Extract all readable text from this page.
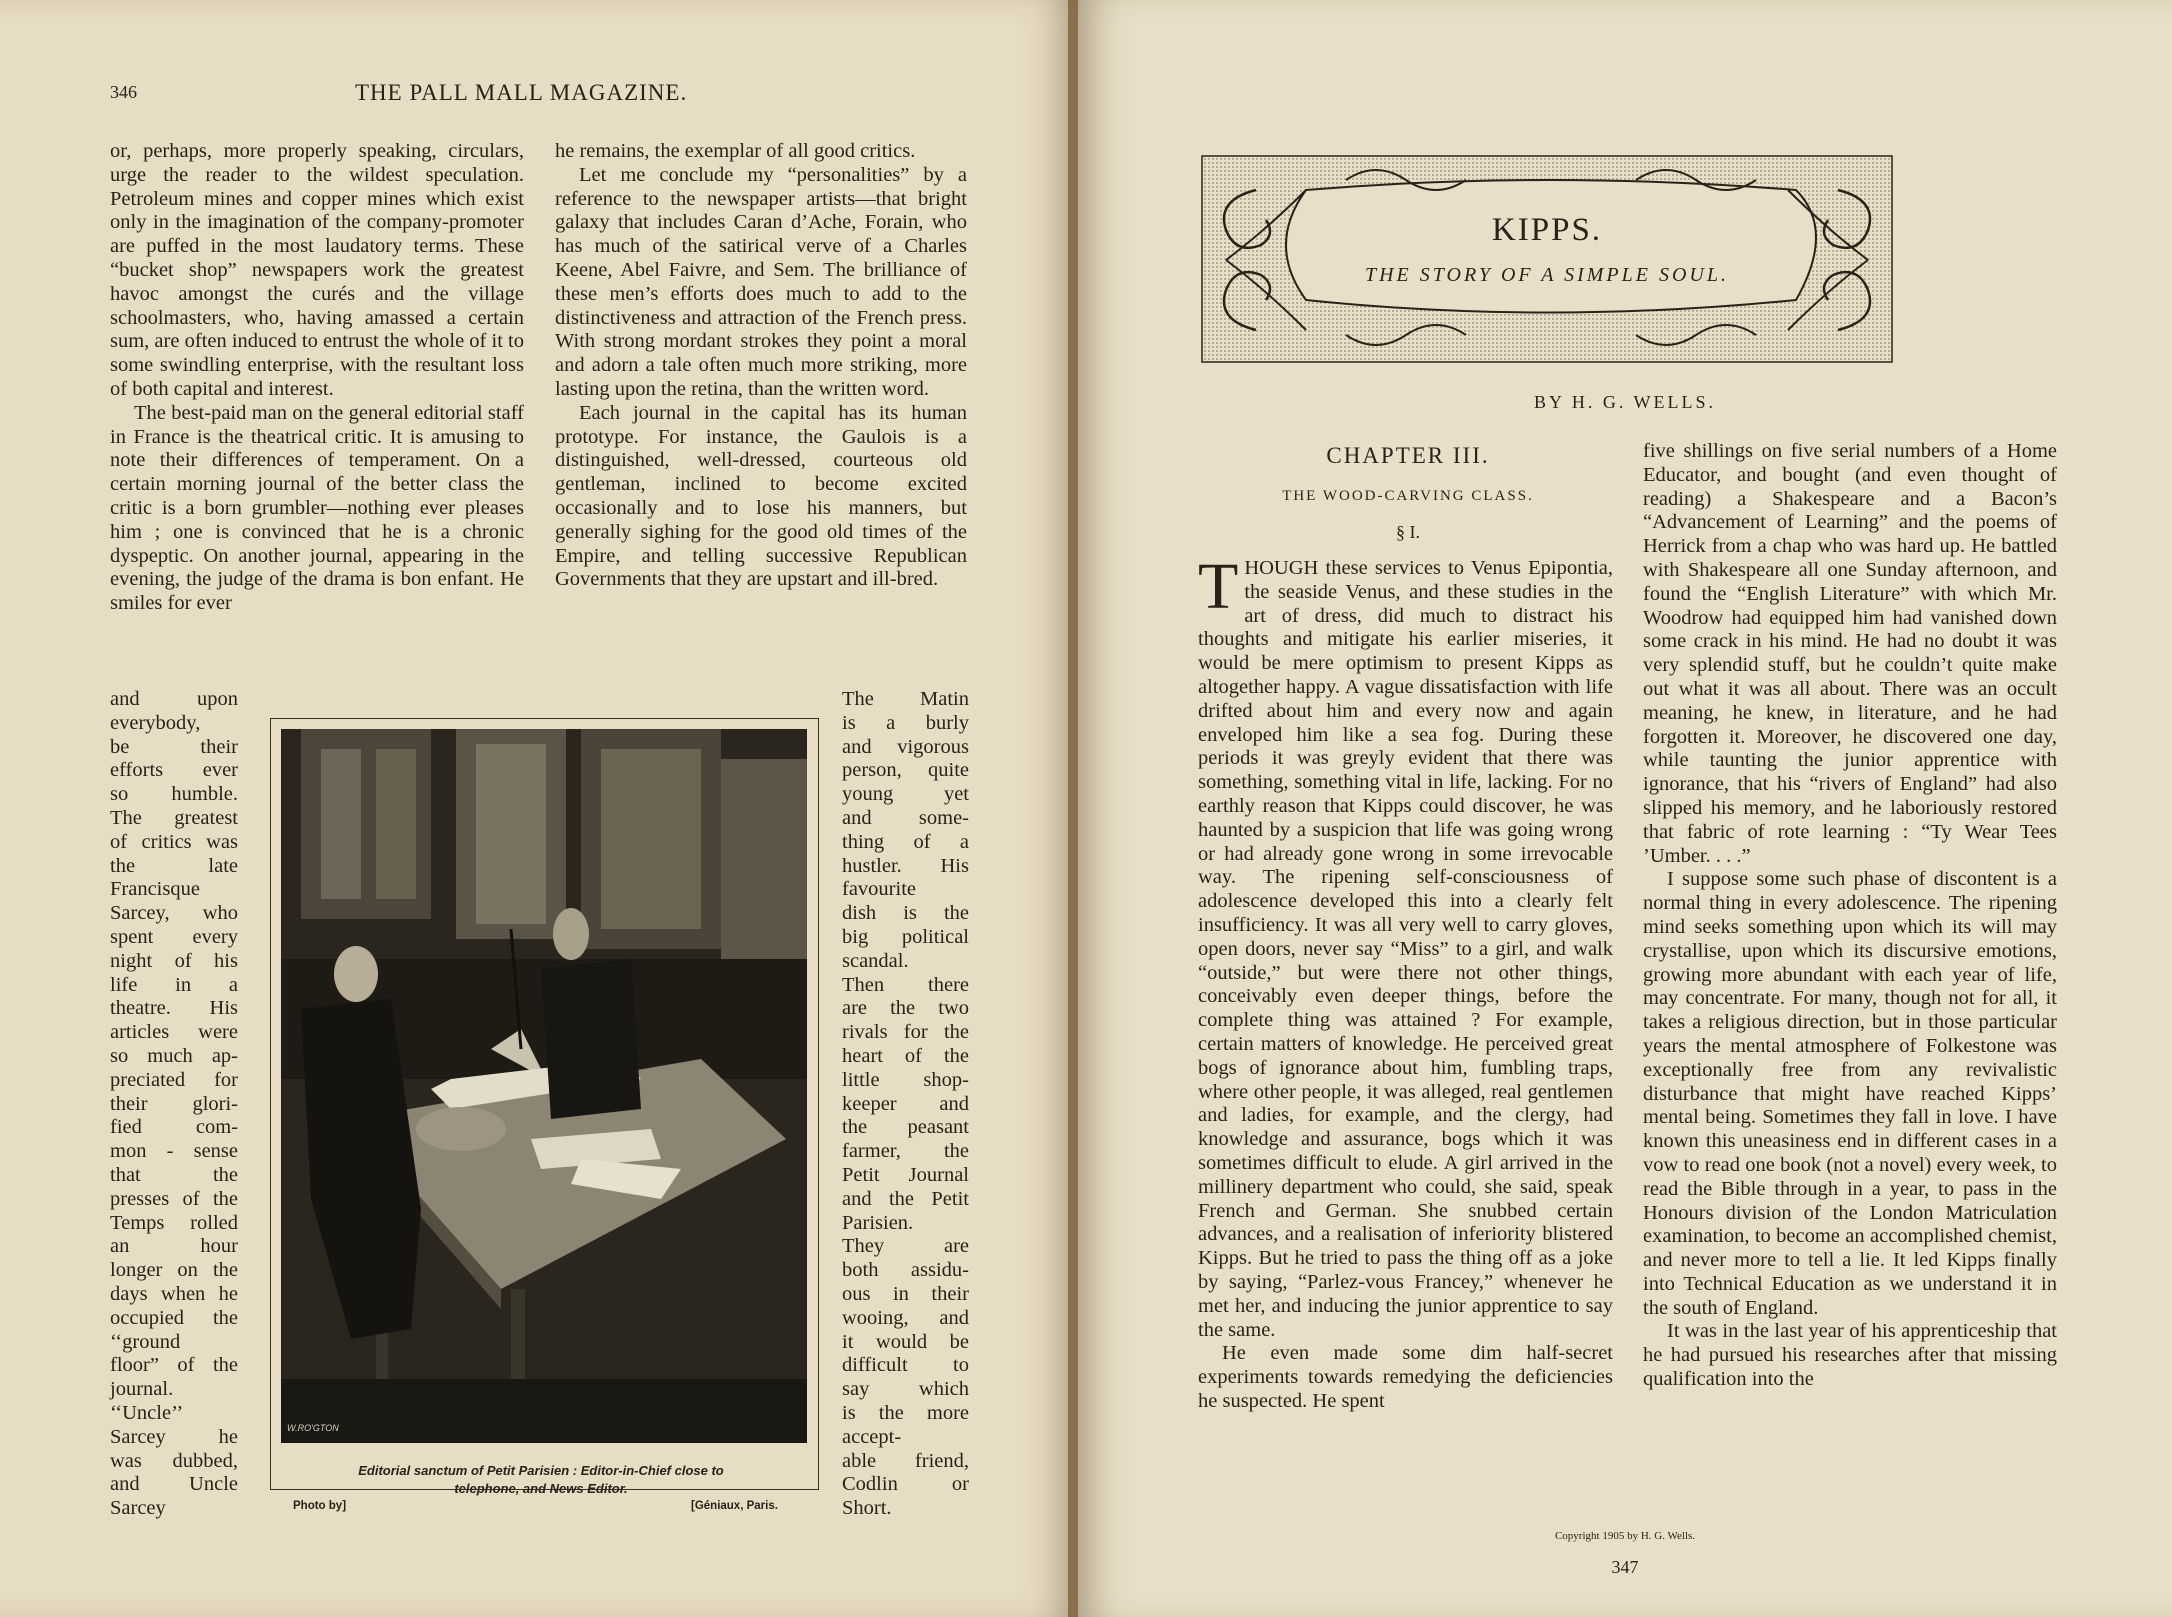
346	THE PALL MALL MAGAZINE.

or, perhaps, more properly speaking, circulars, urge the reader to the wildest speculation. Petroleum mines and copper mines which exist only in the imagination of the company-promoter are puffed in the most laudatory terms. These “bucket shop” newspapers work the greatest havoc amongst the curés and the village schoolmasters, who, having amassed a certain sum, are often induced to entrust the whole of it to some swindling enterprise, with the resultant loss of both capital and interest.

The best-paid man on the general editorial staff in France is the theatrical critic. It is amusing to note their differences of temperament. On a certain morning journal of the better class the critic is a born grumbler—nothing ever pleases him ; one is convinced that he is a chronic dyspeptic. On another journal, appearing in the evening, the judge of the drama is bon enfant. He smiles for ever

he remains, the exemplar of all good critics.

Let me conclude my “personalities” by a reference to the newspaper artists—that bright galaxy that includes Caran d’Ache, Forain, who has much of the satirical verve of a Charles Keene, Abel Faivre, and Sem. The brilliance of these men’s efforts does much to add to the distinctiveness and attraction of the French press. With strong mordant strokes they point a moral and adorn a tale often much more striking, more lasting upon the retina, than the written word.

Each journal in the capital has its human prototype. For instance, the Gaulois is a distinguished, well-dressed, courteous old gentleman, inclined to become excited occasionally and to lose his manners, but generally sighing for the good old times of the Empire, and telling successive Republican Governments that they are upstart and ill-bred.

and upon
everybody,
be their
efforts ever
so humble.
The greatest
of critics was
the late
Francisque
Sarcey, who
spent every
night of his
life in a
theatre. His
articles were
so much ap-
preciated for
their glori-
fied com-
mon - sense
that the
presses of the
Temps rolled
an hour
longer on the
days when he
occupied the
‘‘ground
floor” of the
journal.
‘‘Uncle’’
Sarcey he
was dubbed,
and Uncle
Sarcey
The Matin
is a burly
and vigorous
person, quite
young yet
and some-
thing of a
hustler. His
favourite
dish is the
big political
scandal.
Then there
are the two
rivals for the
heart of the
little shop-
keeper and
the peasant
farmer, the
Petit Journal
and the Petit
Parisien.
They are
both assidu-
ous in their
wooing, and
it would be
difficult to
say which
is the more
accept-
able friend,
Codlin or
Short.
W.RO'GTON
Editorial sanctum of Petit Parisien : Editor-in-Chief close to
telephone, and News Editor.
Photo by]	[Géniaux, Paris.
KIPPS.
THE STORY OF A SIMPLE SOUL.
BY H. G. WELLS.
CHAPTER III.
THE WOOD-CARVING CLASS.
§ I.

THOUGH these services to Venus Epipontia, the seaside Venus, and these studies in the art of dress, did much to distract his thoughts and mitigate his earlier miseries, it would be mere optimism to present Kipps as altogether happy. A vague dissatisfaction with life drifted about him and every now and again enveloped him like a sea fog. During these periods it was greyly evident that there was something, something vital in life, lacking. For no earthly reason that Kipps could discover, he was haunted by a suspicion that life was going wrong or had already gone wrong in some irrevocable way. The ripening self-consciousness of adolescence developed this into a clearly felt insufficiency. It was all very well to carry gloves, open doors, never say “Miss” to a girl, and walk “outside,” but were there not other things, conceivably even deeper things, before the complete thing was attained ? For example, certain matters of knowledge. He perceived great bogs of ignorance about him, fumbling traps, where other people, it was alleged, real gentlemen and ladies, for example, and the clergy, had knowledge and assurance, bogs which it was sometimes difficult to elude. A girl arrived in the millinery department who could, she said, speak French and German. She snubbed certain advances, and a realisation of inferiority blistered Kipps. But he tried to pass the thing off as a joke by saying, “Parlez-vous Francey,” whenever he met her, and inducing the junior apprentice to say the same.

He even made some dim half-secret experiments towards remedying the deficiencies he suspected. He spent

five shillings on five serial numbers of a Home Educator, and bought (and even thought of reading) a Shakespeare and a Bacon’s “Advancement of Learning” and the poems of Herrick from a chap who was hard up. He battled with Shakespeare all one Sunday afternoon, and found the “English Literature” with which Mr. Woodrow had equipped him had vanished down some crack in his mind. He had no doubt it was very splendid stuff, but he couldn’t quite make out what it was all about. There was an occult meaning, he knew, in literature, and he had forgotten it. Moreover, he discovered one day, while taunting the junior apprentice with ignorance, that his “rivers of England” had also slipped his memory, and he laboriously restored that fabric of rote learning : “Ty Wear Tees ’Umber. . . .”

I suppose some such phase of discontent is a normal thing in every adolescence. The ripening mind seeks something upon which its will may crystallise, upon which its discursive emotions, growing more abundant with each year of life, may concentrate. For many, though not for all, it takes a religious direction, but in those particular years the mental atmosphere of Folkestone was exceptionally free from any revivalistic disturbance that might have reached Kipps’ mental being. Sometimes they fall in love. I have known this uneasiness end in different cases in a vow to read one book (not a novel) every week, to read the Bible through in a year, to pass in the Honours division of the London Matriculation examination, to become an accomplished chemist, and never more to tell a lie. It led Kipps finally into Technical Education as we understand it in the south of England.

It was in the last year of his apprenticeship that he had pursued his researches after that missing qualification into the

Copyright 1905 by H. G. Wells.
347
